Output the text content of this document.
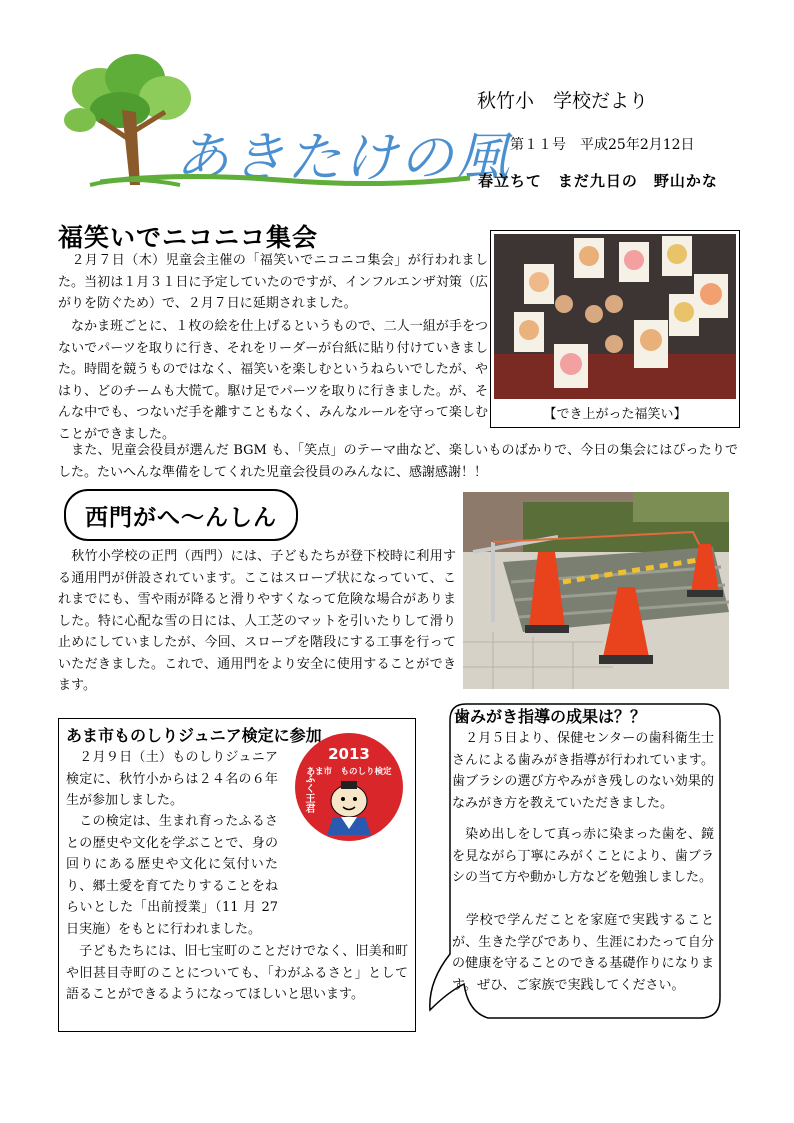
あきたけの風
秋竹小　学校だより
第１１号　平成25年2月12日
春立ちて　まだ九日の　野山かな
福笑いでニコニコ集会
【でき上がった福笑い】

　２月７日（木）児童会主催の「福笑いでニコニコ集会」が行われました。当初は１月３１日に予定していたのですが、インフルエンザ対策（広がりを防ぐため）で、２月７日に延期されました。

　なかま班ごとに、１枚の絵を仕上げるというもので、二人一組が手をつないでパーツを取りに行き、それをリーダーが台紙に貼り付けていきました。時間を競うものではなく、福笑いを楽しむというねらいでしたが、やはり、どのチームも大慌て。駆け足でパーツを取りに行きました。が、そんな中でも、つないだ手を離すこともなく、みんなルールを守って楽しむことができました。

　また、児童会役員が選んだ BGM も、「笑点」のテーマ曲など、楽しいものばかりで、今日の集会にはぴったりでした。たいへんな準備をしてくれた児童会役員のみんなに、感謝感謝！！

西門がへ～んしん

　秋竹小学校の正門（西門）には、子どもたちが登下校時に利用する通用門が併設されています。ここはスロープ状になっていて、これまでにも、雪や雨が降ると滑りやすくなって危険な場合がありました。特に心配な雪の日には、人工芝のマットを引いたりして滑り止めにしていましたが、今回、スロープを階段にする工事を行っていただきました。これで、通用門をより安全に使用することができます。

あま市ものしりジュニア検定に参加

　２月９日（土）ものしりジュニア検定に、秋竹小からは２４名の６年生が参加しました。

　この検定は、生まれ育ったふるさとの歴史や文化を学ぶことで、身の回りにある歴史や文化に気付いたり、郷土愛を育てたりすることをねらいとした「出前授業」（11 月 27 日実施）をもとに行われました。

2013
あま市　ものしり検定
ふく王君

　子どもたちには、旧七宝町のことだけでなく、旧美和町や旧甚目寺町のことについても、「わがふるさと」として語ることができるようになってほしいと思います。

歯みがき指導の成果は？？

　２月５日より、保健センターの歯科衛生士さんによる歯みがき指導が行われています。歯ブラシの選び方やみがき残しのない効果的なみがき方を教えていただきました。

　染め出しをして真っ赤に染まった歯を、鏡を見ながら丁寧にみがくことにより、歯ブラシの当て方や動かし方などを勉強しました。

　学校で学んだことを家庭で実践することが、生きた学びであり、生涯にわたって自分の健康を守ることのできる基礎作りになります。ぜひ、ご家族で実践してください。
